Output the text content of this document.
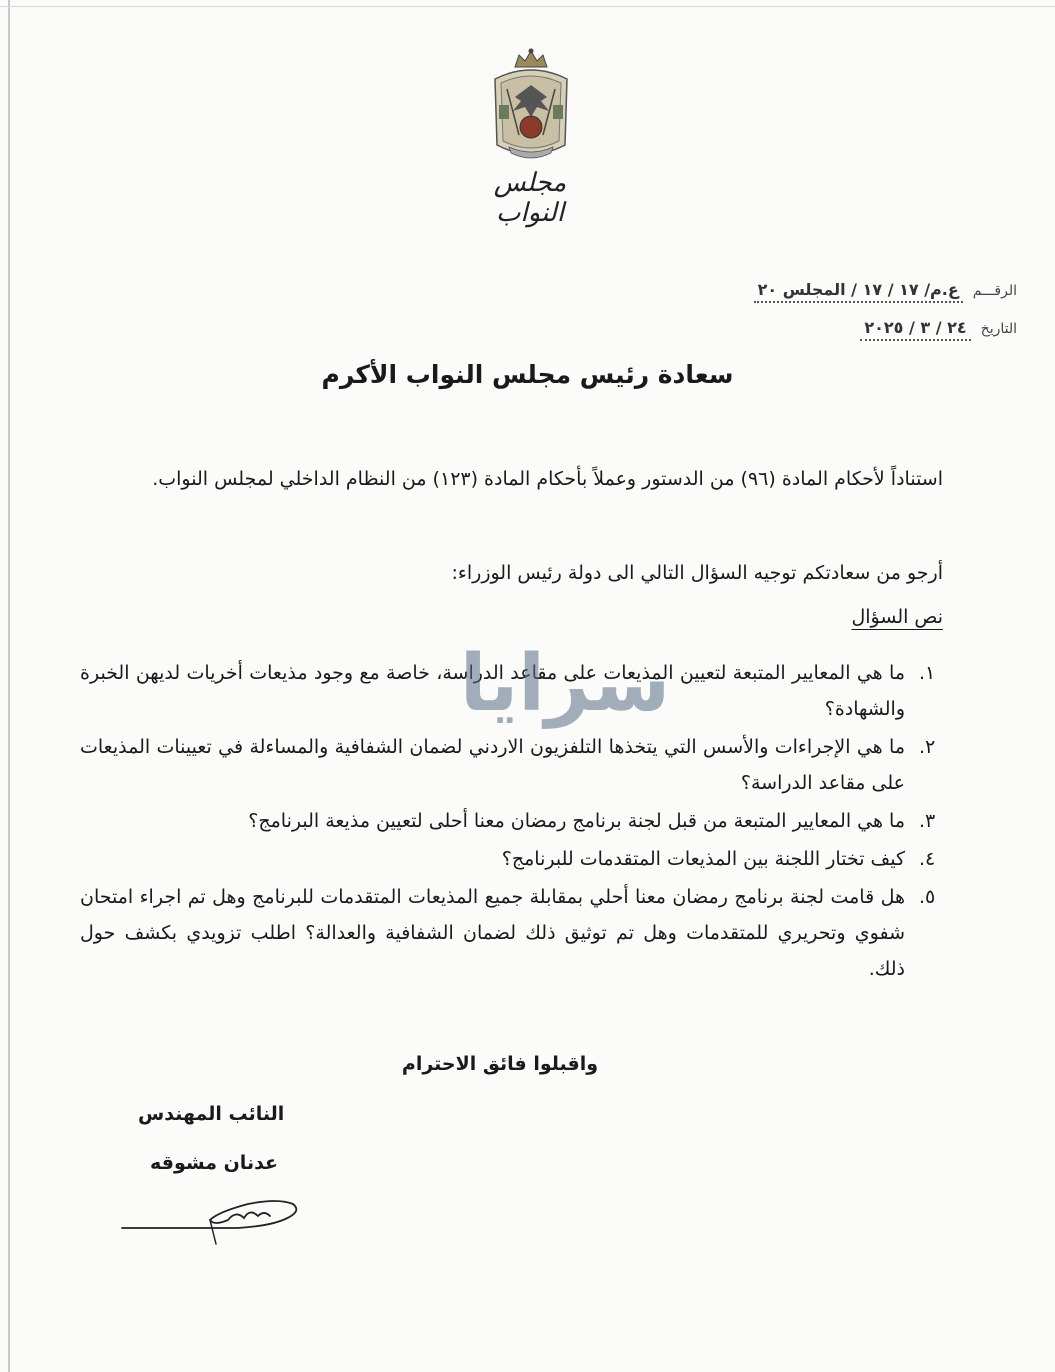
مجلس النواب
الرقـــم
ع.م/ ١٧ / ١٧ / المجلس ٢٠
التاريخ
٢٤ / ٣ / ٢٠٢٥
سعادة رئيس مجلس النواب الأكرم
استناداً لأحكام المادة (٩٦) من الدستور وعملاً بأحكام المادة (١٢٣) من النظام الداخلي لمجلس النواب.
أرجو من سعادتكم توجيه السؤال التالي الى دولة رئيس الوزراء:
نص السؤال
١.
ما هي المعايير المتبعة لتعيين المذيعات على مقاعد الدراسة، خاصة مع وجود مذيعات أخريات لديهن الخبرة والشهادة؟
٢.
ما هي الإجراءات والأسس التي يتخذها التلفزيون الاردني لضمان الشفافية والمساءلة في تعيينات المذيعات على مقاعد الدراسة؟
٣.
ما هي المعايير المتبعة من قبل لجنة برنامج رمضان معنا أحلى لتعيين مذيعة البرنامج؟
٤.
كيف تختار اللجنة بين المذيعات المتقدمات للبرنامج؟
٥.
هل قامت لجنة برنامج رمضان معنا أحلي بمقابلة جميع المذيعات المتقدمات للبرنامج وهل تم اجراء امتحان شفوي وتحريري للمتقدمات وهل تم توثيق ذلك لضمان الشفافية والعدالة؟ اطلب تزويدي بكشف حول ذلك.
سرايا
واقبلوا فائق الاحترام
النائب المهندس
عدنان مشوقه
